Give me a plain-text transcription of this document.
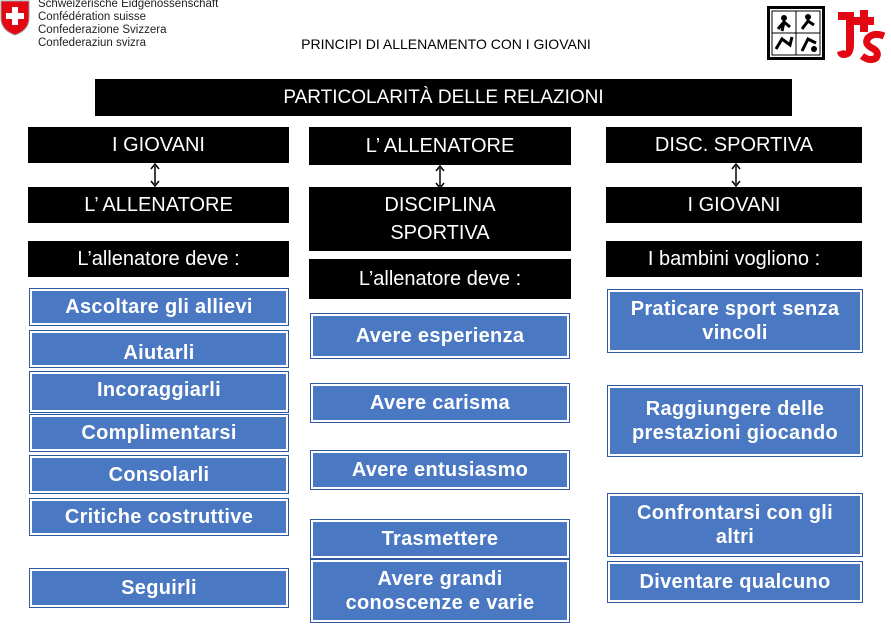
Schweizerische Eidgenossenschaft
Confédération suisse
Confederazione Svizzera
Confederaziun svizra	PRINCIPI DI ALLENAMENTO CON I GIOVANI
PARTICOLARITÀ DELLE RELAZIONI
I GIOVANI
L’ ALLENATORE
L’allenatore deve :
Ascoltare gli allievi
Aiutarli
Incoraggiarli
Complimentarsi
Consolarli
Critiche costruttive
Seguirli
L’ ALLENATORE
DISCIPLINA SPORTIVA
L’allenatore deve :
Avere esperienza
Avere carisma
Avere entusiasmo
Trasmettere
Avere grandi conoscenze e varie
DISC. SPORTIVA
I GIOVANI
I bambini vogliono :
Praticare sport senza vincoli
Raggiungere delle prestazioni giocando
Confrontarsi con gli altri
Diventare qualcuno
